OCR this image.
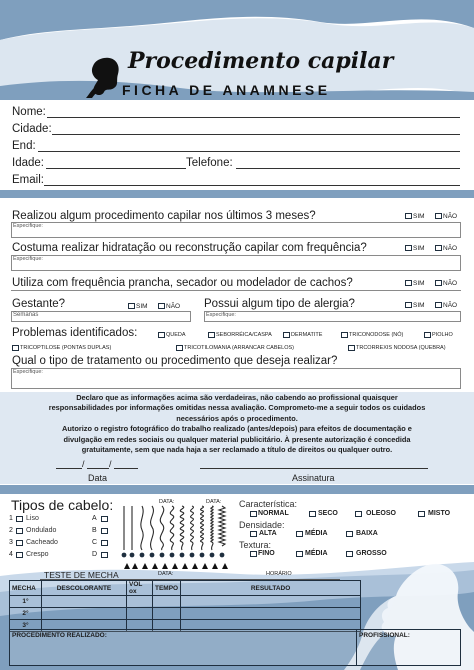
Procedimento capilar
FICHA DE ANAMNESE
Nome:
Cidade:
End:
Idade:	Telefone:
Email:
Realizou algum procedimento capilar nos últimos 3 meses?	SIM	NÃO
Especifique:
Costuma realizar hidratação ou reconstrução capilar com frequência?	SIM	NÃO
Especifique:
Utiliza com frequência prancha, secador ou modelador de cachos?	SIM	NÃO
Gestante?	SIM	NÃO
Semanas
Possui algum tipo de alergia?	SIM	NÃO
Especifique:
Problemas identificados:	QUEDA	SEBORRÉICA/CASPA	DERMATITE	TRICONODOSE (NÓ)	PIOLHO
TRICOPTILOSE (PONTAS DUPLAS)	TRICOTILOMANIA (ARRANCAR CABELOS)	TRCORREXIS NODOSA (QUEBRA)
Qual o tipo de tratamento ou procedimento que deseja realizar?
Especifique:
Declaro que as informações acima são verdadeiras, não cabendo ao profissional quaisquer
responsabilidades por informações omitidas nessa avaliação. Comprometo-me a seguir todos os cuidados
necessários após o procedimento.
Autorizo o registro fotográfico do trabalho realizado (antes/depois) para efeitos de documentação e
divulgação em redes sociais ou qualquer material publicitário. À presente autorização é concedida
gratuitamente, sem que nada haja a ser reclamado a título de direitos ou qualquer outro.
/	/
Data	Assinatura
Tipos de cabelo:
1 Liso	A
2 Ondulado	B
3 Cacheado	C
4 Crespo	D
DATA:	DATA: Característica:
NORMAL	SECO	OLEOSO	MISTO
Densidade:
ALTA	MÉDIA	BAIXA
Textura:
FINO	MÉDIA	GROSSO
TESTE DE MECHA	DATA:	HORÁRIO
MECHA	DESCOLORANTE	VOL ox	TEMPO	RESULTADO
1°				
2°				
3°				
PROCEDIMENTO REALIZADO:	PROFISSIONAL:
